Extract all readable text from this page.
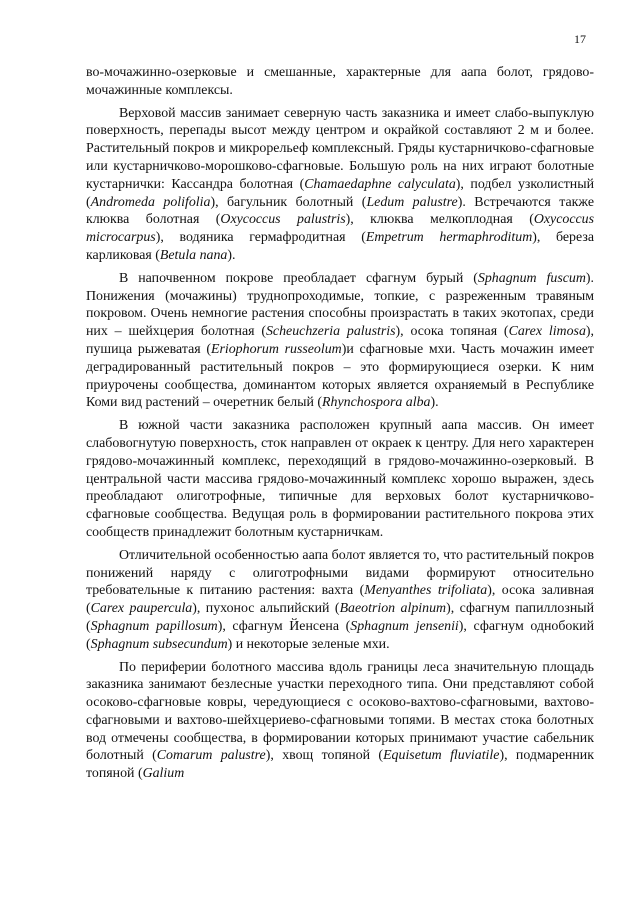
17

во-мочажинно-озерковые и смешанные, характерные для аапа болот, грядово-мочажинные комплексы.

Верховой массив занимает северную часть заказника и имеет слабо-выпуклую поверхность, перепады высот между центром и окрайкой составляют 2 м и более. Растительный покров и микрорельеф комплексный. Гряды кустарничково-сфагновые или кустарничково-морошково-сфагновые. Большую роль на них играют болотные кустарнички: Кассандра болотная (Chamaedaphne calyculata), подбел узколистный (Andromeda polifolia), багульник болотный (Ledum palustre). Встречаются также клюква болотная (Oxycoccus palustris), клюква мелкоплодная (Oxycoccus microcarpus), водяника гермафродитная (Empetrum hermaphroditum), береза карликовая (Betula nana).

В напочвенном покрове преобладает сфагнум бурый (Sphagnum fuscum). Понижения (мочажины) труднопроходимые, топкие, с разреженным травяным покровом. Очень немногие растения способны произрастать в таких экотопах, среди них – шейхцерия болотная (Scheuchzeria palustris), осока топяная (Carex limosa), пушица рыжеватая (Eriophorum russeolum)и сфагновые мхи. Часть мочажин имеет деградированный растительный покров – это формирующиеся озерки. К ним приурочены сообщества, доминантом которых является охраняемый в Республике Коми вид растений – очеретник белый (Rhynchospora alba).

В южной части заказника расположен крупный аапа массив. Он имеет слабовогнутую поверхность, сток направлен от окраек к центру. Для него характерен грядово-мочажинный комплекс, переходящий в грядово-мочажинно-озерковый. В центральной части массива грядово-мочажинный комплекс хорошо выражен, здесь преобладают олиготрофные, типичные для верховых болот кустарничково-сфагновые сообщества. Ведущая роль в формировании растительного покрова этих сообществ принадлежит болотным кустарничкам.

Отличительной особенностью аапа болот является то, что растительный покров понижений наряду с олиготрофными видами формируют относительно требовательные к питанию растения: вахта (Menyanthes trifoliata), осока заливная (Carex paupercula), пухонос альпийский (Baeotrion alpinum), сфагнум папиллозный (Sphagnum papillosum), сфагнум Йенсена (Sphagnum jensenii), сфагнум однобокий (Sphagnum subsecundum) и некоторые зеленые мхи.

По периферии болотного массива вдоль границы леса значительную площадь заказника занимают безлесные участки переходного типа. Они представляют собой осоково-сфагновые ковры, чередующиеся с осоково-вахтово-сфагновыми, вахтово-сфагновыми и вахтово-шейхцериево-сфагновыми топями. В местах стока болотных вод отмечены сообщества, в формировании которых принимают участие сабельник болотный (Comarum palustre), хвощ топяной (Equisetum fluviatile), подмаренник топяной (Galium
